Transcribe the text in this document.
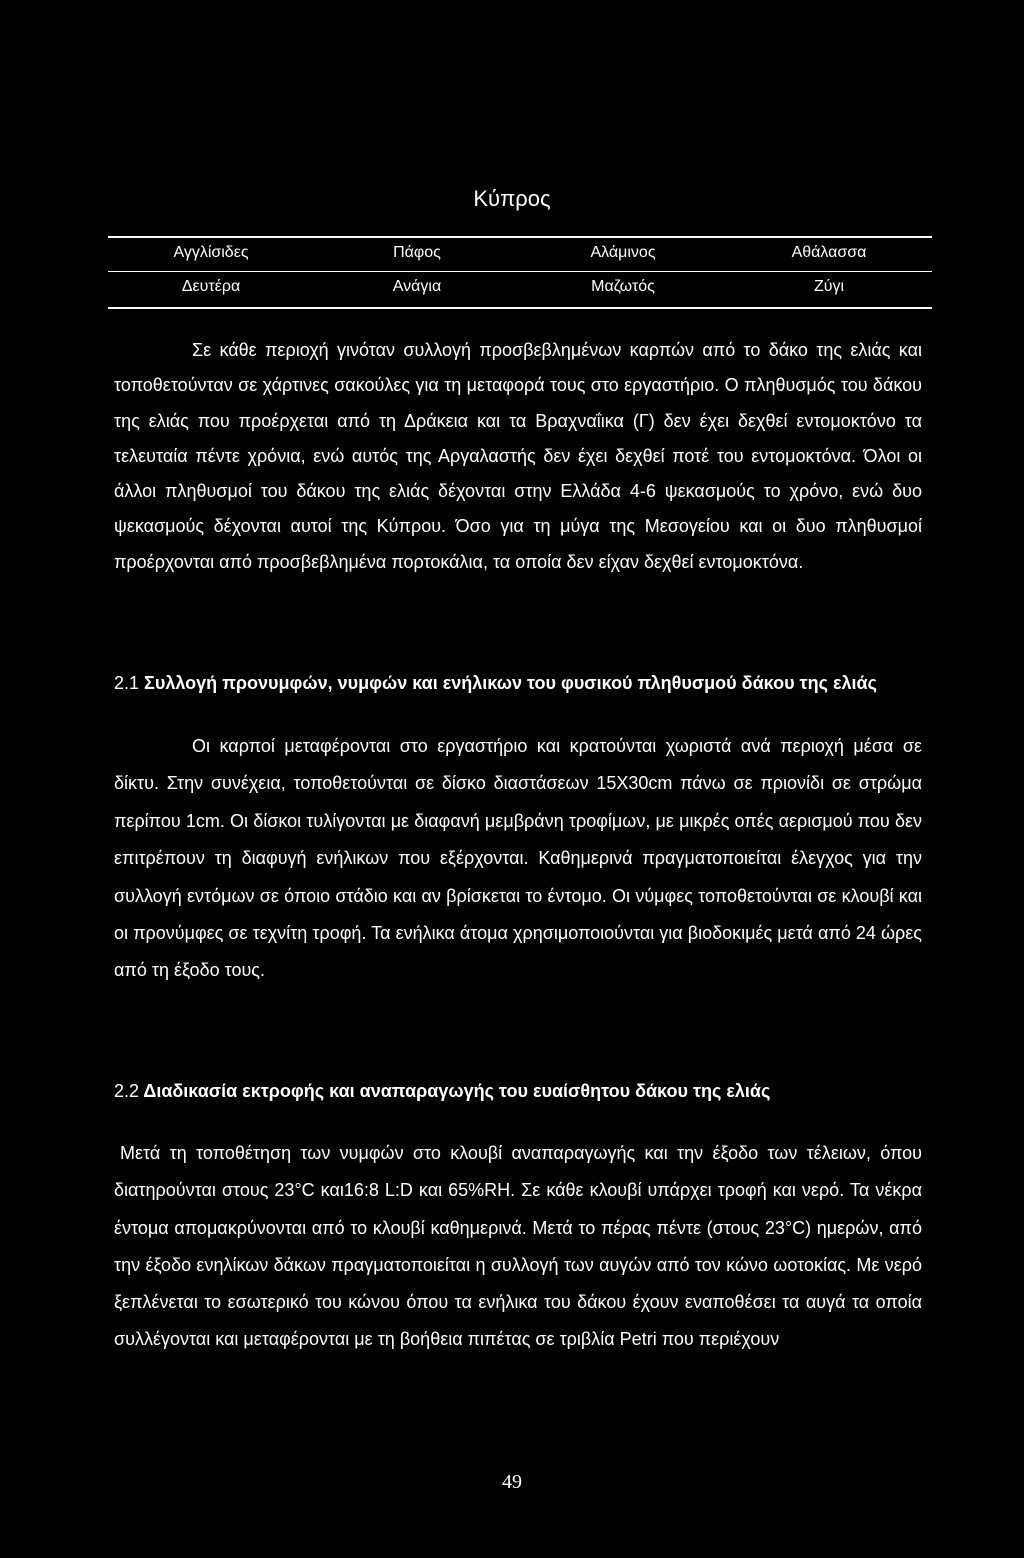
Κύπρος
Αγγλίσιδες	Πάφος	Αλάμινος	Αθάλασσα
Δευτέρα	Ανάγια	Μαζωτός	Ζύγι

Σε κάθε περιοχή γινόταν συλλογή προσβεβλημένων καρπών από το δάκο της ελιάς και τοποθετούνταν σε χάρτινες σακούλες για τη μεταφορά τους στο εργαστήριο. Ο πληθυσμός του δάκου της ελιάς που προέρχεται από τη Δράκεια και τα Βραχναΐικα (Γ) δεν έχει δεχθεί εντομοκτόνο τα τελευταία πέντε χρόνια, ενώ αυτός της Αργαλαστής δεν έχει δεχθεί ποτέ του εντομοκτόνα. Όλοι οι άλλοι πληθυσμοί του δάκου της ελιάς δέχονται στην Ελλάδα 4-6 ψεκασμούς το χρόνο, ενώ δυο ψεκασμούς δέχονται αυτοί της Κύπρου. Όσο για τη μύγα της Μεσογείου και οι δυο πληθυσμοί προέρχονται από προσβεβλημένα πορτοκάλια, τα οποία δεν είχαν δεχθεί εντομοκτόνα.

2.1 Συλλογή προνυμφών, νυμφών και ενήλικων του φυσικού πληθυσμού δάκου της ελιάς

Οι καρποί μεταφέρονται στο εργαστήριο και κρατούνται χωριστά ανά περιοχή μέσα σε δίκτυ. Στην συνέχεια, τοποθετούνται σε δίσκο διαστάσεων 15X30cm πάνω σε πριονίδι σε στρώμα περίπου 1cm. Οι δίσκοι τυλίγονται με διαφανή μεμβράνη τροφίμων, με μικρές οπές αερισμού που δεν επιτρέπουν τη διαφυγή ενήλικων που εξέρχονται. Καθημερινά πραγματοποιείται έλεγχος για την συλλογή εντόμων σε όποιο στάδιο και αν βρίσκεται το έντομο. Οι νύμφες τοποθετούνται σε κλουβί και οι προνύμφες σε τεχνίτη τροφή. Τα ενήλικα άτομα χρησιμοποιούνται για βιοδοκιμές μετά από 24 ώρες από τη έξοδο τους.

2.2 Διαδικασία εκτροφής και αναπαραγωγής του ευαίσθητου δάκου της ελιάς

Μετά τη τοποθέτηση των νυμφών στο κλουβί αναπαραγωγής και την έξοδο των τέλειων, όπου διατηρούνται στους 23°C και16:8 L:D και 65%RH. Σε κάθε κλουβί υπάρχει τροφή και νερό. Τα νέκρα έντομα απομακρύνονται από το κλουβί καθημερινά. Μετά το πέρας πέντε (στους 23°C) ημερών, από την έξοδο ενηλίκων δάκων πραγματοποιείται η συλλογή των αυγών από τον κώνο ωοτοκίας. Με νερό ξεπλένεται το εσωτερικό του κώνου όπου τα ενήλικα του δάκου έχουν εναποθέσει τα αυγά τα οποία συλλέγονται και μεταφέρονται με τη βοήθεια πιπέτας σε τριβλία Petri που περιέχουν

49
